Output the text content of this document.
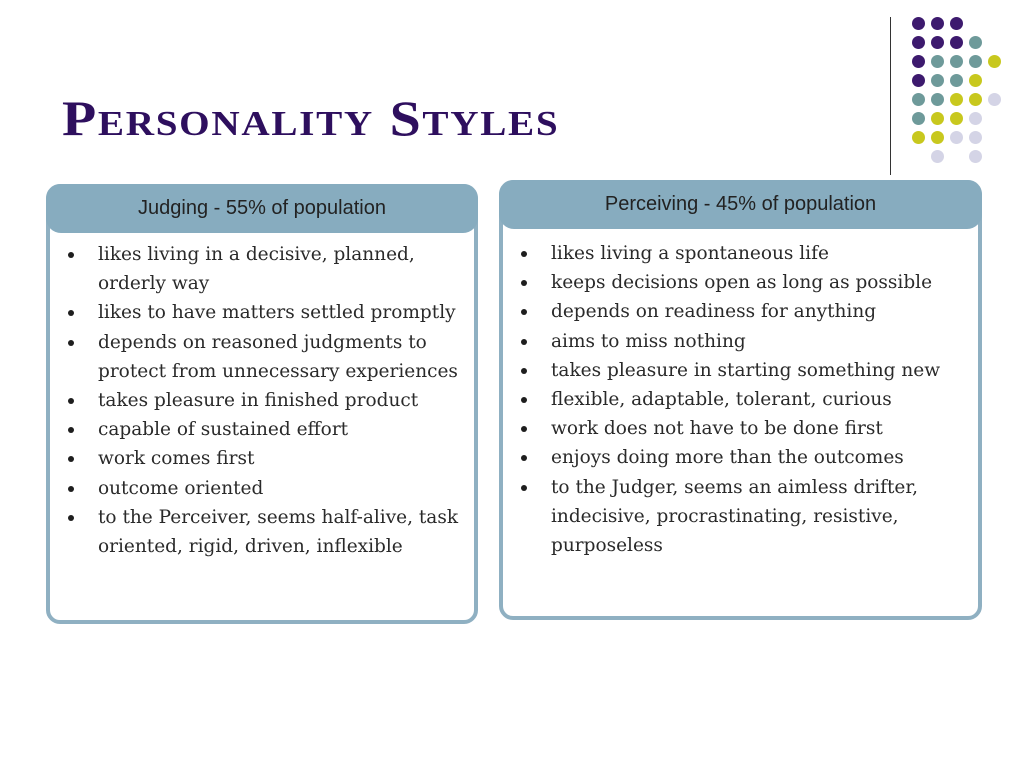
Personality Styles
Judging - 55% of population
likes living in a decisive, planned, orderly way
likes to have matters settled promptly
depends on reasoned judgments to protect from unnecessary experiences
takes pleasure in finished product
capable of sustained effort
work comes first
outcome oriented
to the Perceiver, seems half-alive, task oriented, rigid, driven, inflexible
Perceiving - 45% of population
likes living a spontaneous life
keeps decisions open as long as possible
depends on readiness for anything
aims to miss nothing
takes pleasure in starting something new
flexible, adaptable, tolerant, curious
work does not have to be done first
enjoys doing more than the outcomes
to the Judger, seems an aimless drifter, indecisive, procrastinating, resistive, purposeless
